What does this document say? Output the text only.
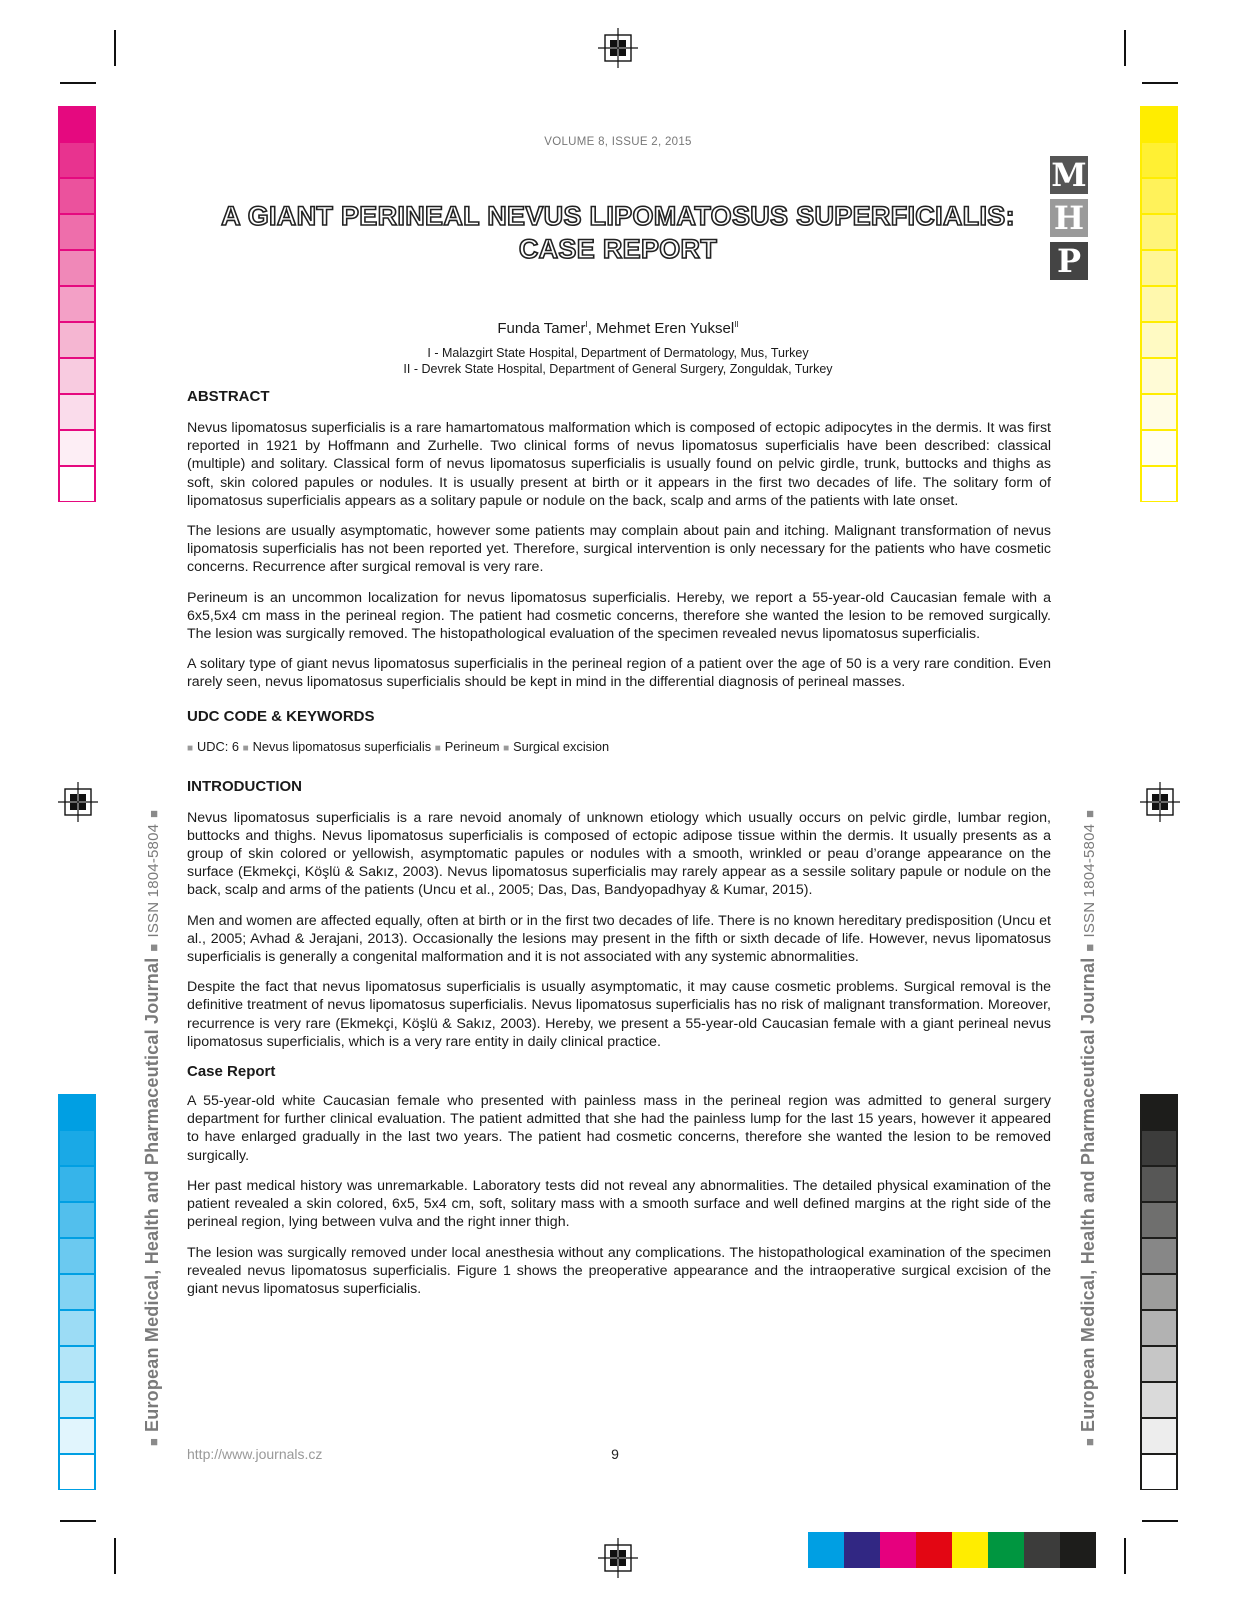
■European Medical, Health and Pharmaceutical Journal■ISSN 1804-5804■
■European Medical, Health and Pharmaceutical Journal■ISSN 1804-5804■
VOLUME 8, ISSUE 2, 2015
M
H
P
A GIANT PERINEAL NEVUS LIPOMATOSUS SUPERFICIALIS:
CASE REPORT
Funda Tamer$^I$, Mehmet Eren Yuksel$^{II}$
I - Malazgirt State Hospital, Department of Dermatology, Mus, Turkey
II - Devrek State Hospital, Department of General Surgery, Zonguldak, Turkey
ABSTRACT

Nevus lipomatosus superficialis is a rare hamartomatous malformation which is composed of ectopic adipocytes in the dermis. It was first reported in 1921 by Hoffmann and Zurhelle. Two clinical forms of nevus lipomatosus superficialis have been described: classical (multiple) and solitary. Classical form of nevus lipomatosus superficialis is usually found on pelvic girdle, trunk, buttocks and thighs as soft, skin colored papules or nodules. It is usually present at birth or it appears in the first two decades of life. The solitary form of lipomatosus superficialis appears as a solitary papule or nodule on the back, scalp and arms of the patients with late onset.

The lesions are usually asymptomatic, however some patients may complain about pain and itching. Malignant transformation of nevus lipomatosis superficialis has not been reported yet. Therefore, surgical intervention is only necessary for the patients who have cosmetic concerns. Recurrence after surgical removal is very rare.

Perineum is an uncommon localization for nevus lipomatosus superficialis. Hereby, we report a 55-year-old Caucasian female with a 6x5,5x4 cm mass in the perineal region. The patient had cosmetic concerns, therefore she wanted the lesion to be removed surgically. The lesion was surgically removed. The histopathological evaluation of the specimen revealed nevus lipomatosus superficialis.

A solitary type of giant nevus lipomatosus superficialis in the perineal region of a patient over the age of 50 is a very rare condition. Even rarely seen, nevus lipomatosus superficialis should be kept in mind in the differential diagnosis of perineal masses.

UDC CODE & KEYWORDS
■ UDC: 6 ■ Nevus lipomatosus superficialis ■ Perineum ■ Surgical excision
INTRODUCTION

Nevus lipomatosus superficialis is a rare nevoid anomaly of unknown etiology which usually occurs on pelvic girdle, lumbar region, buttocks and thighs. Nevus lipomatosus superficialis is composed of ectopic adipose tissue within the dermis. It usually presents as a group of skin colored or yellowish, asymptomatic papules or nodules with a smooth, wrinkled or peau d’orange appearance on the surface (Ekmekçi, Köşlü & Sakız, 2003). Nevus lipomatosus superficialis may rarely appear as a sessile solitary papule or nodule on the back, scalp and arms of the patients (Uncu et al., 2005; Das, Das, Bandyopadhyay & Kumar, 2015).

Men and women are affected equally, often at birth or in the first two decades of life. There is no known hereditary predisposition (Uncu et al., 2005; Avhad & Jerajani, 2013). Occasionally the lesions may present in the fifth or sixth decade of life. However, nevus lipomatosus superficialis is generally a congenital malformation and it is not associated with any systemic abnormalities.

Despite the fact that nevus lipomatosus superficialis is usually asymptomatic, it may cause cosmetic problems. Surgical removal is the definitive treatment of nevus lipomatosus superficialis. Nevus lipomatosus superficialis has no risk of malignant transformation. Moreover, recurrence is very rare (Ekmekçi, Köşlü & Sakız, 2003). Hereby, we present a 55-year-old Caucasian female with a giant perineal nevus lipomatosus superficialis, which is a very rare entity in daily clinical practice.

Case Report

A 55-year-old white Caucasian female who presented with painless mass in the perineal region was admitted to general surgery department for further clinical evaluation. The patient admitted that she had the painless lump for the last 15 years, however it appeared to have enlarged gradually in the last two years. The patient had cosmetic concerns, therefore she wanted the lesion to be removed surgically.

Her past medical history was unremarkable. Laboratory tests did not reveal any abnormalities. The detailed physical examination of the patient revealed a skin colored, 6x5, 5x4 cm, soft, solitary mass with a smooth surface and well defined margins at the right side of the perineal region, lying between vulva and the right inner thigh.

The lesion was surgically removed under local anesthesia without any complications. The histopathological examination of the specimen revealed nevus lipomatosus superficialis. Figure 1 shows the preoperative appearance and the intraoperative surgical excision of the giant nevus lipomatosus superficialis.

http://www.journals.cz	9
